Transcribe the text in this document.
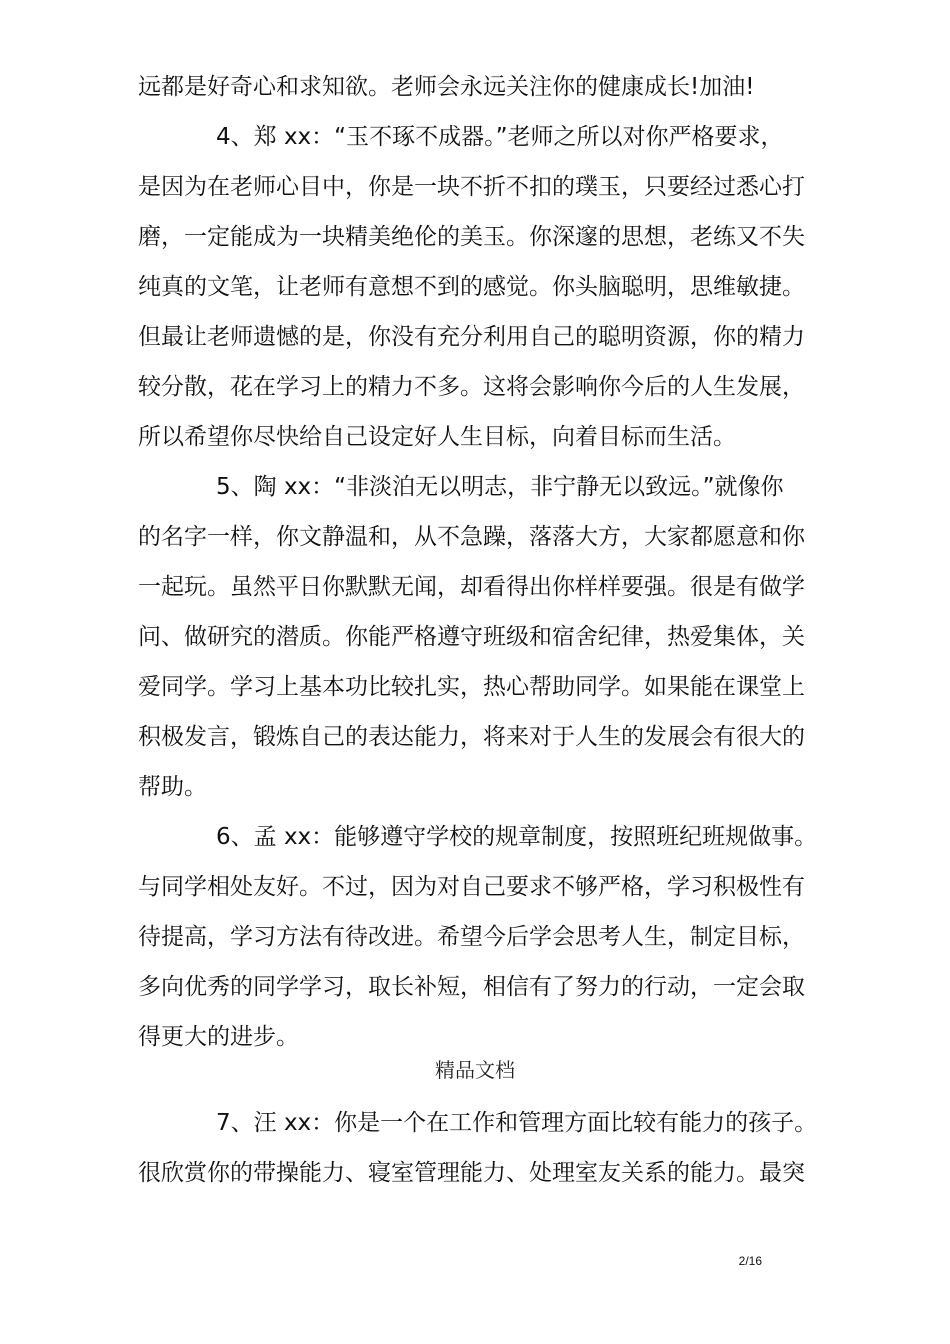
远都是好奇心和求知欲。老师会永远关注你的健康成长!加油!
4、郑 xx：“玉不琢不成器。”老师之所以对你严格要求，
是因为在老师心目中，你是一块不折不扣的璞玉，只要经过悉心打
磨，一定能成为一块精美绝伦的美玉。你深邃的思想，老练又不失
纯真的文笔，让老师有意想不到的感觉。你头脑聪明，思维敏捷。
但最让老师遗憾的是，你没有充分利用自己的聪明资源，你的精力
较分散，花在学习上的精力不多。这将会影响你今后的人生发展，
所以希望你尽快给自己设定好人生目标，向着目标而生活。
5、陶 xx：“非淡泊无以明志，非宁静无以致远。”就像你
的名字一样，你文静温和，从不急躁，落落大方，大家都愿意和你
一起玩。虽然平日你默默无闻，却看得出你样样要强。很是有做学
问、做研究的潜质。你能严格遵守班级和宿舍纪律，热爱集体，关
爱同学。学习上基本功比较扎实，热心帮助同学。如果能在课堂上
积极发言，锻炼自己的表达能力，将来对于人生的发展会有很大的
帮助。
6、孟 xx：能够遵守学校的规章制度，按照班纪班规做事。
与同学相处友好。不过，因为对自己要求不够严格，学习积极性有
待提高，学习方法有待改进。希望今后学会思考人生，制定目标，
多向优秀的同学学习，取长补短，相信有了努力的行动，一定会取
得更大的进步。
精品文档
7、汪 xx：你是一个在工作和管理方面比较有能力的孩子。
很欣赏你的带操能力、寝室管理能力、处理室友关系的能力。最突
2/16
